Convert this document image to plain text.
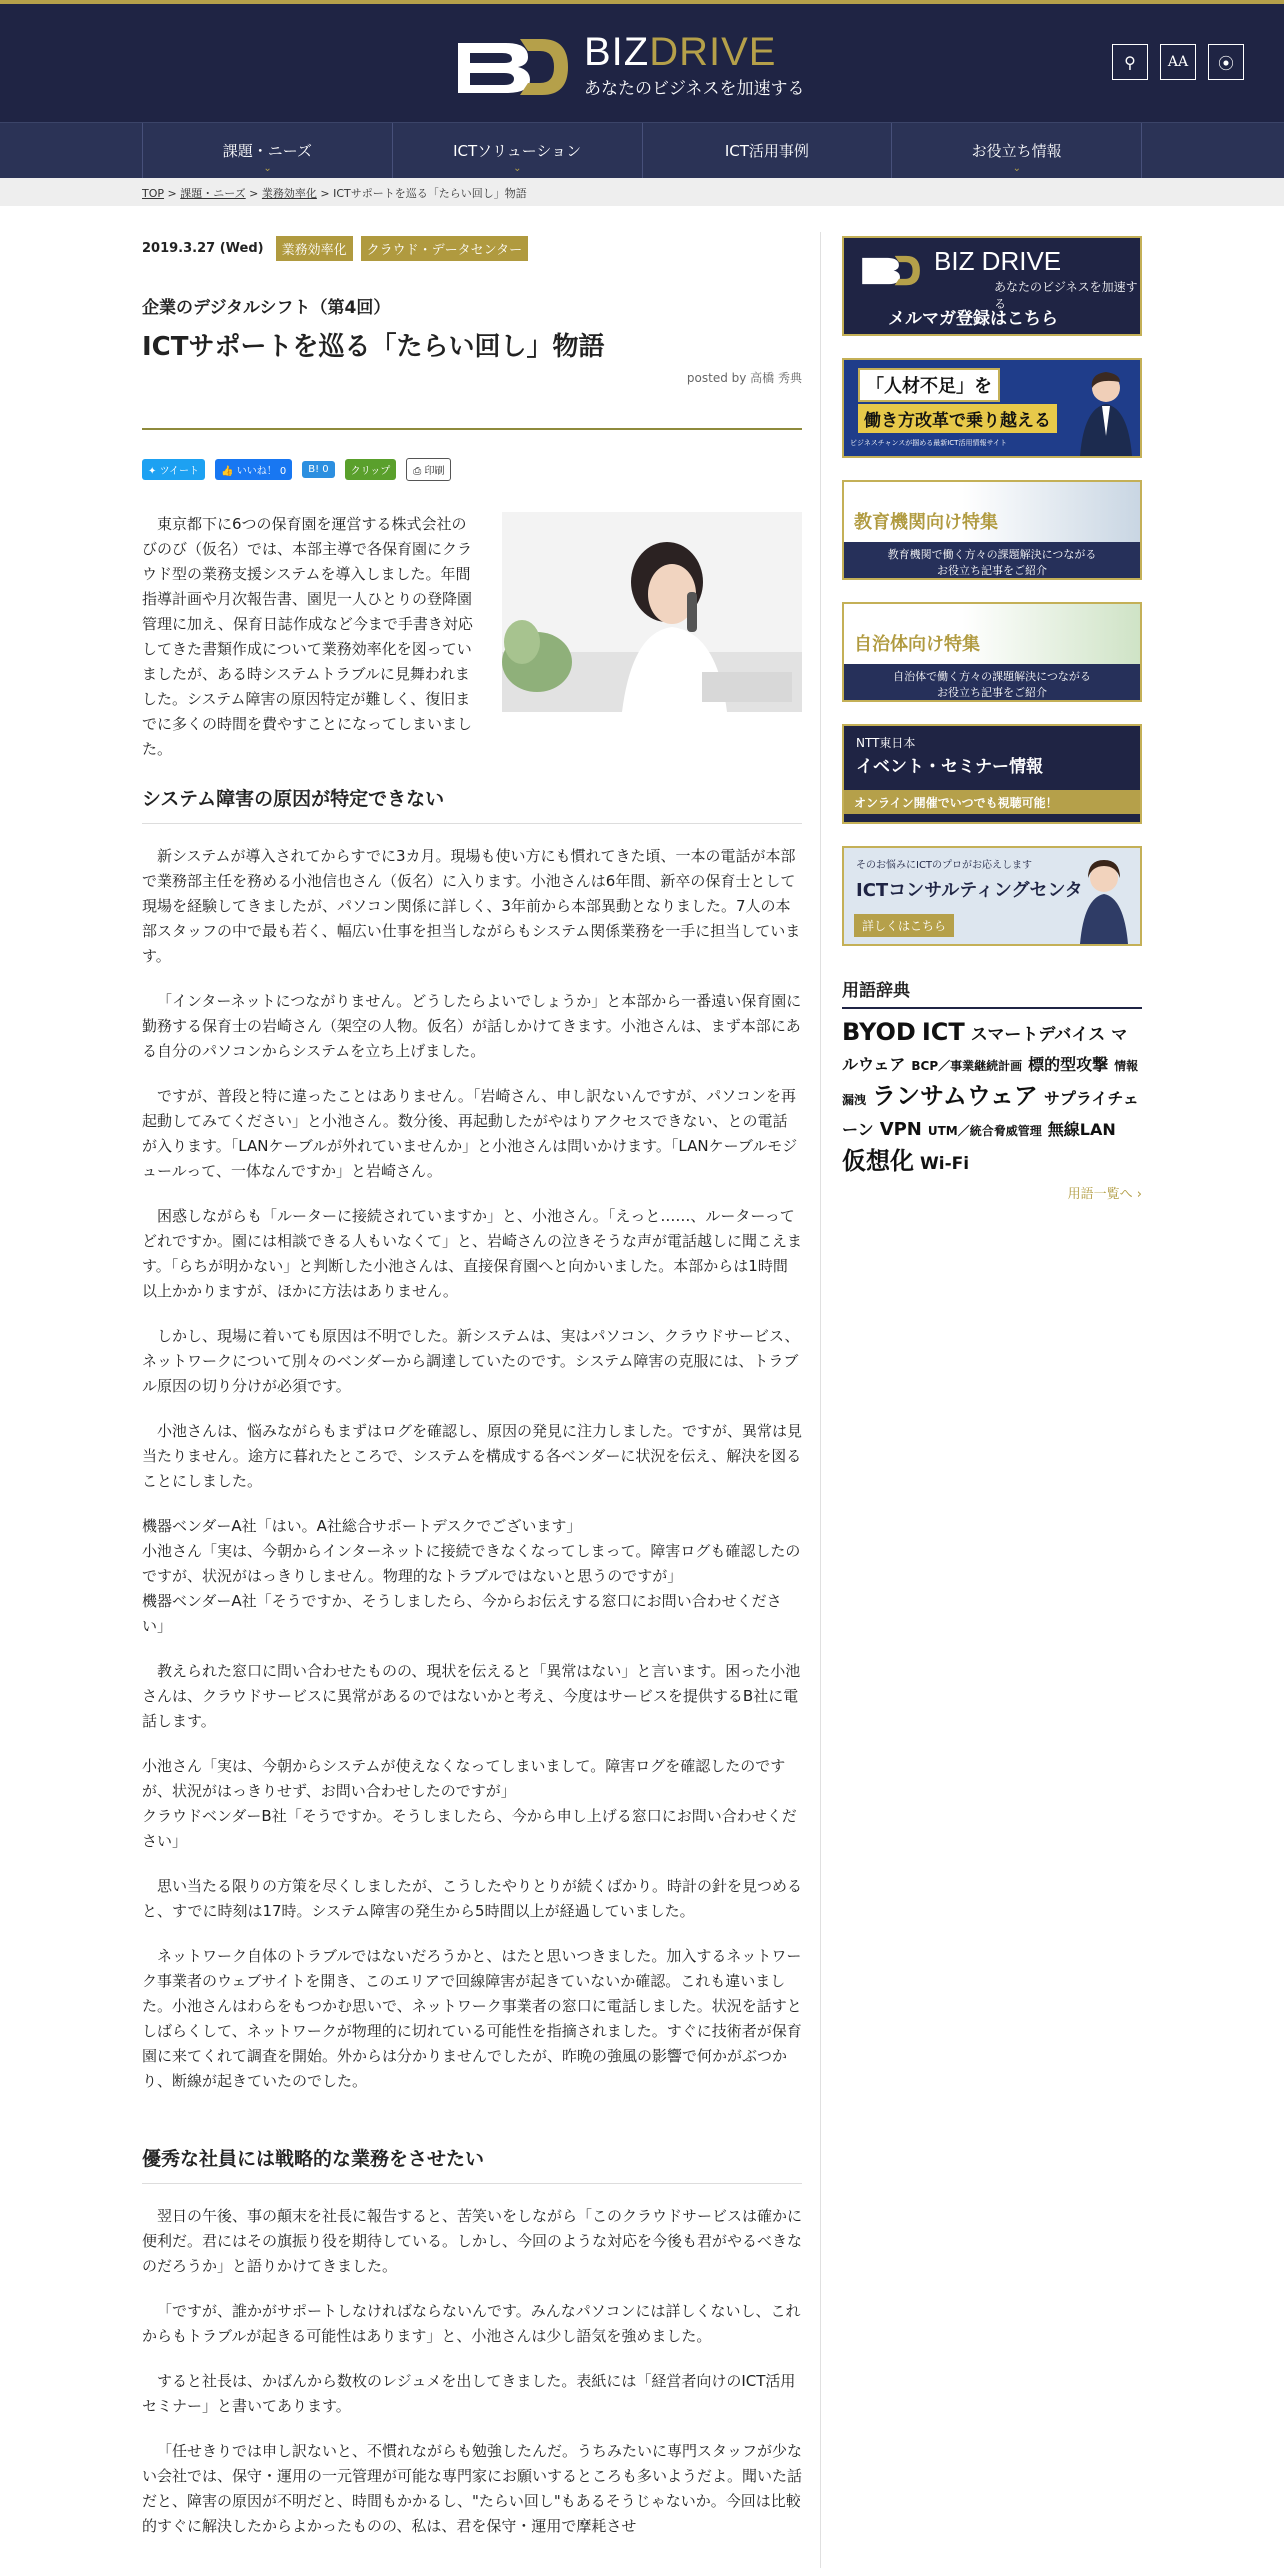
BIZDRIVE
あなたのビジネスを加速する
⚲ AA ⦿
課題・ニーズ
⌄
ICTソリューション
⌄
ICT活用事例	お役立ち情報
⌄
TOP > 課題・ニーズ > 業務効率化 > ICTサポートを巡る「たらい回し」物語
2019.3.27 (Wed)	業務効率化	クラウド・データセンター
企業のデジタルシフト（第4回）
ICTサポートを巡る「たらい回し」物語
posted by 高橋 秀典
✦ ツイート	👍 いいね！ 0	B! 0	クリップ	⎙ 印刷

東京都下に6つの保育園を運営する株式会社のびのび（仮名）では、本部主導で各保育園にクラウド型の業務支援システムを導入しました。年間指導計画や月次報告書、園児一人ひとりの登降園管理に加え、保育日誌作成など今まで手書き対応してきた書類作成について業務効率化を図っていましたが、ある時システムトラブルに見舞われました。システム障害の原因特定が難しく、復旧までに多くの時間を費やすことになってしまいました。

システム障害の原因が特定できない

新システムが導入されてからすでに3カ月。現場も使い方にも慣れてきた頃、一本の電話が本部で業務部主任を務める小池信也さん（仮名）に入ります。小池さんは6年間、新卒の保育士として現場を経験してきましたが、パソコン関係に詳しく、3年前から本部異動となりました。7人の本部スタッフの中で最も若く、幅広い仕事を担当しながらもシステム関係業務を一手に担当しています。

「インターネットにつながりません。どうしたらよいでしょうか」と本部から一番遠い保育園に勤務する保育士の岩崎さん（架空の人物。仮名）が話しかけてきます。小池さんは、まず本部にある自分のパソコンからシステムを立ち上げました。

ですが、普段と特に違ったことはありません。「岩崎さん、申し訳ないんですが、パソコンを再起動してみてください」と小池さん。数分後、再起動したがやはりアクセスできない、との電話が入ります。「LANケーブルが外れていませんか」と小池さんは問いかけます。「LANケーブルモジュールって、一体なんですか」と岩崎さん。

困惑しながらも「ルーターに接続されていますか」と、小池さん。「えっと……、ルーターってどれですか。園には相談できる人もいなくて」と、岩崎さんの泣きそうな声が電話越しに聞こえます。「らちが明かない」と判断した小池さんは、直接保育園へと向かいました。本部からは1時間以上かかりますが、ほかに方法はありません。

しかし、現場に着いても原因は不明でした。新システムは、実はパソコン、クラウドサービス、ネットワークについて別々のベンダーから調達していたのです。システム障害の克服には、トラブル原因の切り分けが必須です。

小池さんは、悩みながらもまずはログを確認し、原因の発見に注力しました。ですが、異常は見当たりません。途方に暮れたところで、システムを構成する各ベンダーに状況を伝え、解決を図ることにしました。

機器ベンダーA社「はい。A社総合サポートデスクでございます」

小池さん「実は、今朝からインターネットに接続できなくなってしまって。障害ログも確認したのですが、状況がはっきりしません。物理的なトラブルではないと思うのですが」

機器ベンダーA社「そうですか、そうしましたら、今からお伝えする窓口にお問い合わせください」

教えられた窓口に問い合わせたものの、現状を伝えると「異常はない」と言います。困った小池さんは、クラウドサービスに異常があるのではないかと考え、今度はサービスを提供するB社に電話します。

小池さん「実は、今朝からシステムが使えなくなってしまいまして。障害ログを確認したのですが、状況がはっきりせず、お問い合わせしたのですが」

クラウドベンダーB社「そうですか。そうしましたら、今から申し上げる窓口にお問い合わせください」

思い当たる限りの方策を尽くしましたが、こうしたやりとりが続くばかり。時計の針を見つめると、すでに時刻は17時。システム障害の発生から5時間以上が経過していました。

ネットワーク自体のトラブルではないだろうかと、はたと思いつきました。加入するネットワーク事業者のウェブサイトを開き、このエリアで回線障害が起きていないか確認。これも違いました。小池さんはわらをもつかむ思いで、ネットワーク事業者の窓口に電話しました。状況を話すとしばらくして、ネットワークが物理的に切れている可能性を指摘されました。すぐに技術者が保育園に来てくれて調査を開始。外からは分かりませんでしたが、昨晩の強風の影響で何かがぶつかり、断線が起きていたのでした。

優秀な社員には戦略的な業務をさせたい

翌日の午後、事の顛末を社長に報告すると、苦笑いをしながら「このクラウドサービスは確かに便利だ。君にはその旗振り役を期待している。しかし、今回のような対応を今後も君がやるべきなのだろうか」と語りかけてきました。

「ですが、誰かがサポートしなければならないんです。みんなパソコンには詳しくないし、これからもトラブルが起きる可能性はあります」と、小池さんは少し語気を強めました。

すると社長は、かばんから数枚のレジュメを出してきました。表紙には「経営者向けのICT活用セミナー」と書いてあります。

「任せきりでは申し訳ないと、不慣れながらも勉強したんだ。うちみたいに専門スタッフが少ない会社では、保守・運用の一元管理が可能な専門家にお願いするところも多いようだよ。聞いた話だと、障害の原因が不明だと、時間もかかるし、"たらい回し"もあるそうじゃないか。今回は比較的すぐに解決したからよかったものの、私は、君を保守・運用で摩耗させ

BIZ DRIVE
あなたのビジネスを加速する
メルマガ登録はこちら
「人材不足」を
働き方改革で乗り越える
ビジネスチャンスが掴める最新ICT活用情報サイト
教育機関向け特集
教育機関で働く方々の課題解決につながる
お役立ち記事をご紹介
自治体向け特集
自治体で働く方々の課題解決につながる
お役立ち記事をご紹介
NTT東日本
イベント・セミナー情報
オンライン開催でいつでも視聴可能！
そのお悩みにICTのプロがお応えします
ICTコンサルティングセンタ
詳しくはこちら
用語辞典
BYOD ICT スマートデバイス マルウェア BCP／事業継続計画 標的型攻撃 情報漏洩 ランサムウェア サプライチェーン VPN UTM／統合脅威管理 無線LAN仮想化 Wi-Fi
用語一覧へ ›
